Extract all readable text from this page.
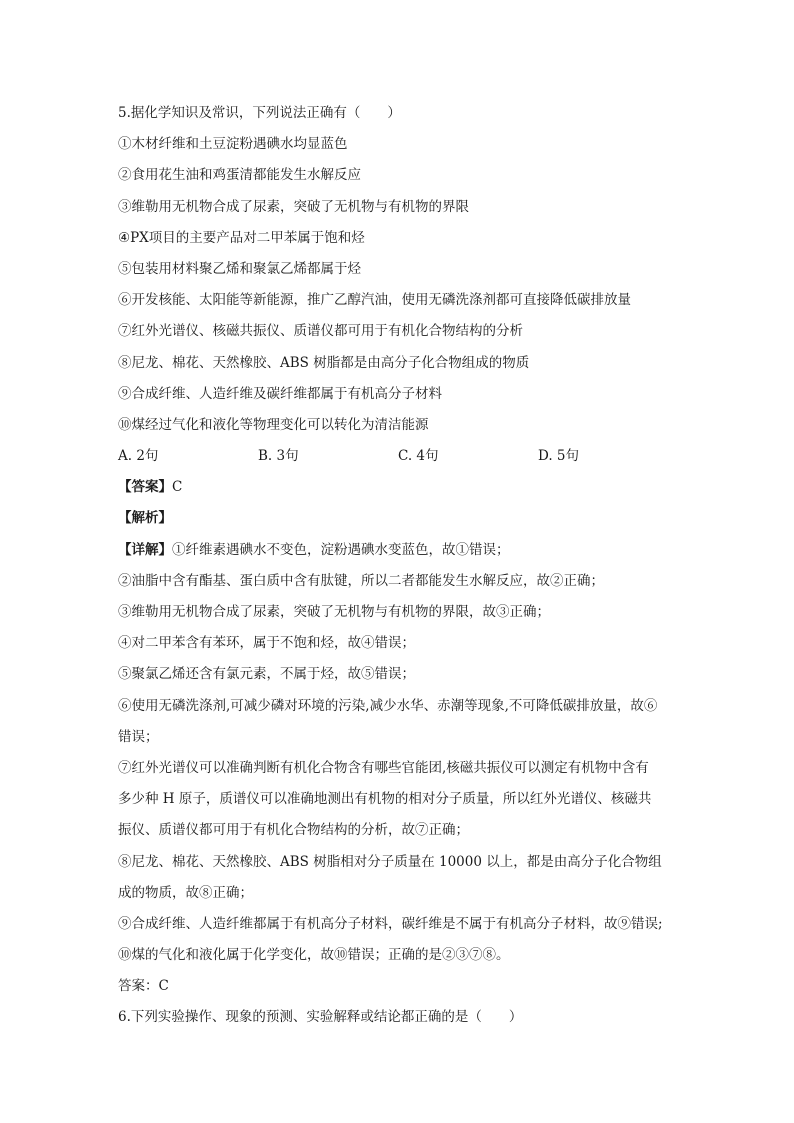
5.据化学知识及常识，下列说法正确有（　　）
①木材纤维和土豆淀粉遇碘水均显蓝色
②食用花生油和鸡蛋清都能发生水解反应
③维勒用无机物合成了尿素，突破了无机物与有机物的界限
④PX项目的主要产品对二甲苯属于饱和烃
⑤包装用材料聚乙烯和聚氯乙烯都属于烃
⑥开发核能、太阳能等新能源，推广乙醇汽油，使用无磷洗涤剂都可直接降低碳排放量
⑦红外光谱仪、核磁共振仪、质谱仪都可用于有机化合物结构的分析
⑧尼龙、棉花、天然橡胶、ABS 树脂都是由高分子化合物组成的物质
⑨合成纤维、人造纤维及碳纤维都属于有机高分子材料
⑩煤经过气化和液化等物理变化可以转化为清洁能源
A. 2句	B. 3句	C. 4句	D. 5句
【答案】C
【解析】
【详解】①纤维素遇碘水不变色，淀粉遇碘水变蓝色，故①错误；
②油脂中含有酯基、蛋白质中含有肽键，所以二者都能发生水解反应，故②正确；
③维勒用无机物合成了尿素，突破了无机物与有机物的界限，故③正确；
④对二甲苯含有苯环，属于不饱和烃，故④错误；
⑤聚氯乙烯还含有氯元素，不属于烃，故⑤错误；
⑥使用无磷洗涤剂,可减少磷对环境的污染,减少水华、赤潮等现象,不可降低碳排放量，故⑥
错误；
⑦红外光谱仪可以准确判断有机化合物含有哪些官能团,核磁共振仪可以测定有机物中含有
多少种 H 原子，质谱仪可以准确地测出有机物的相对分子质量，所以红外光谱仪、核磁共
振仪、质谱仪都可用于有机化合物结构的分析，故⑦正确；
⑧尼龙、棉花、天然橡胶、ABS 树脂相对分子质量在 10000 以上，都是由高分子化合物组
成的物质，故⑧正确；
⑨合成纤维、人造纤维都属于有机高分子材料，碳纤维是不属于有机高分子材料，故⑨错误;
⑩煤的气化和液化属于化学变化，故⑩错误；正确的是②③⑦⑧。
答案：C
6.下列实验操作、现象的预测、实验解释或结论都正确的是（　　）
